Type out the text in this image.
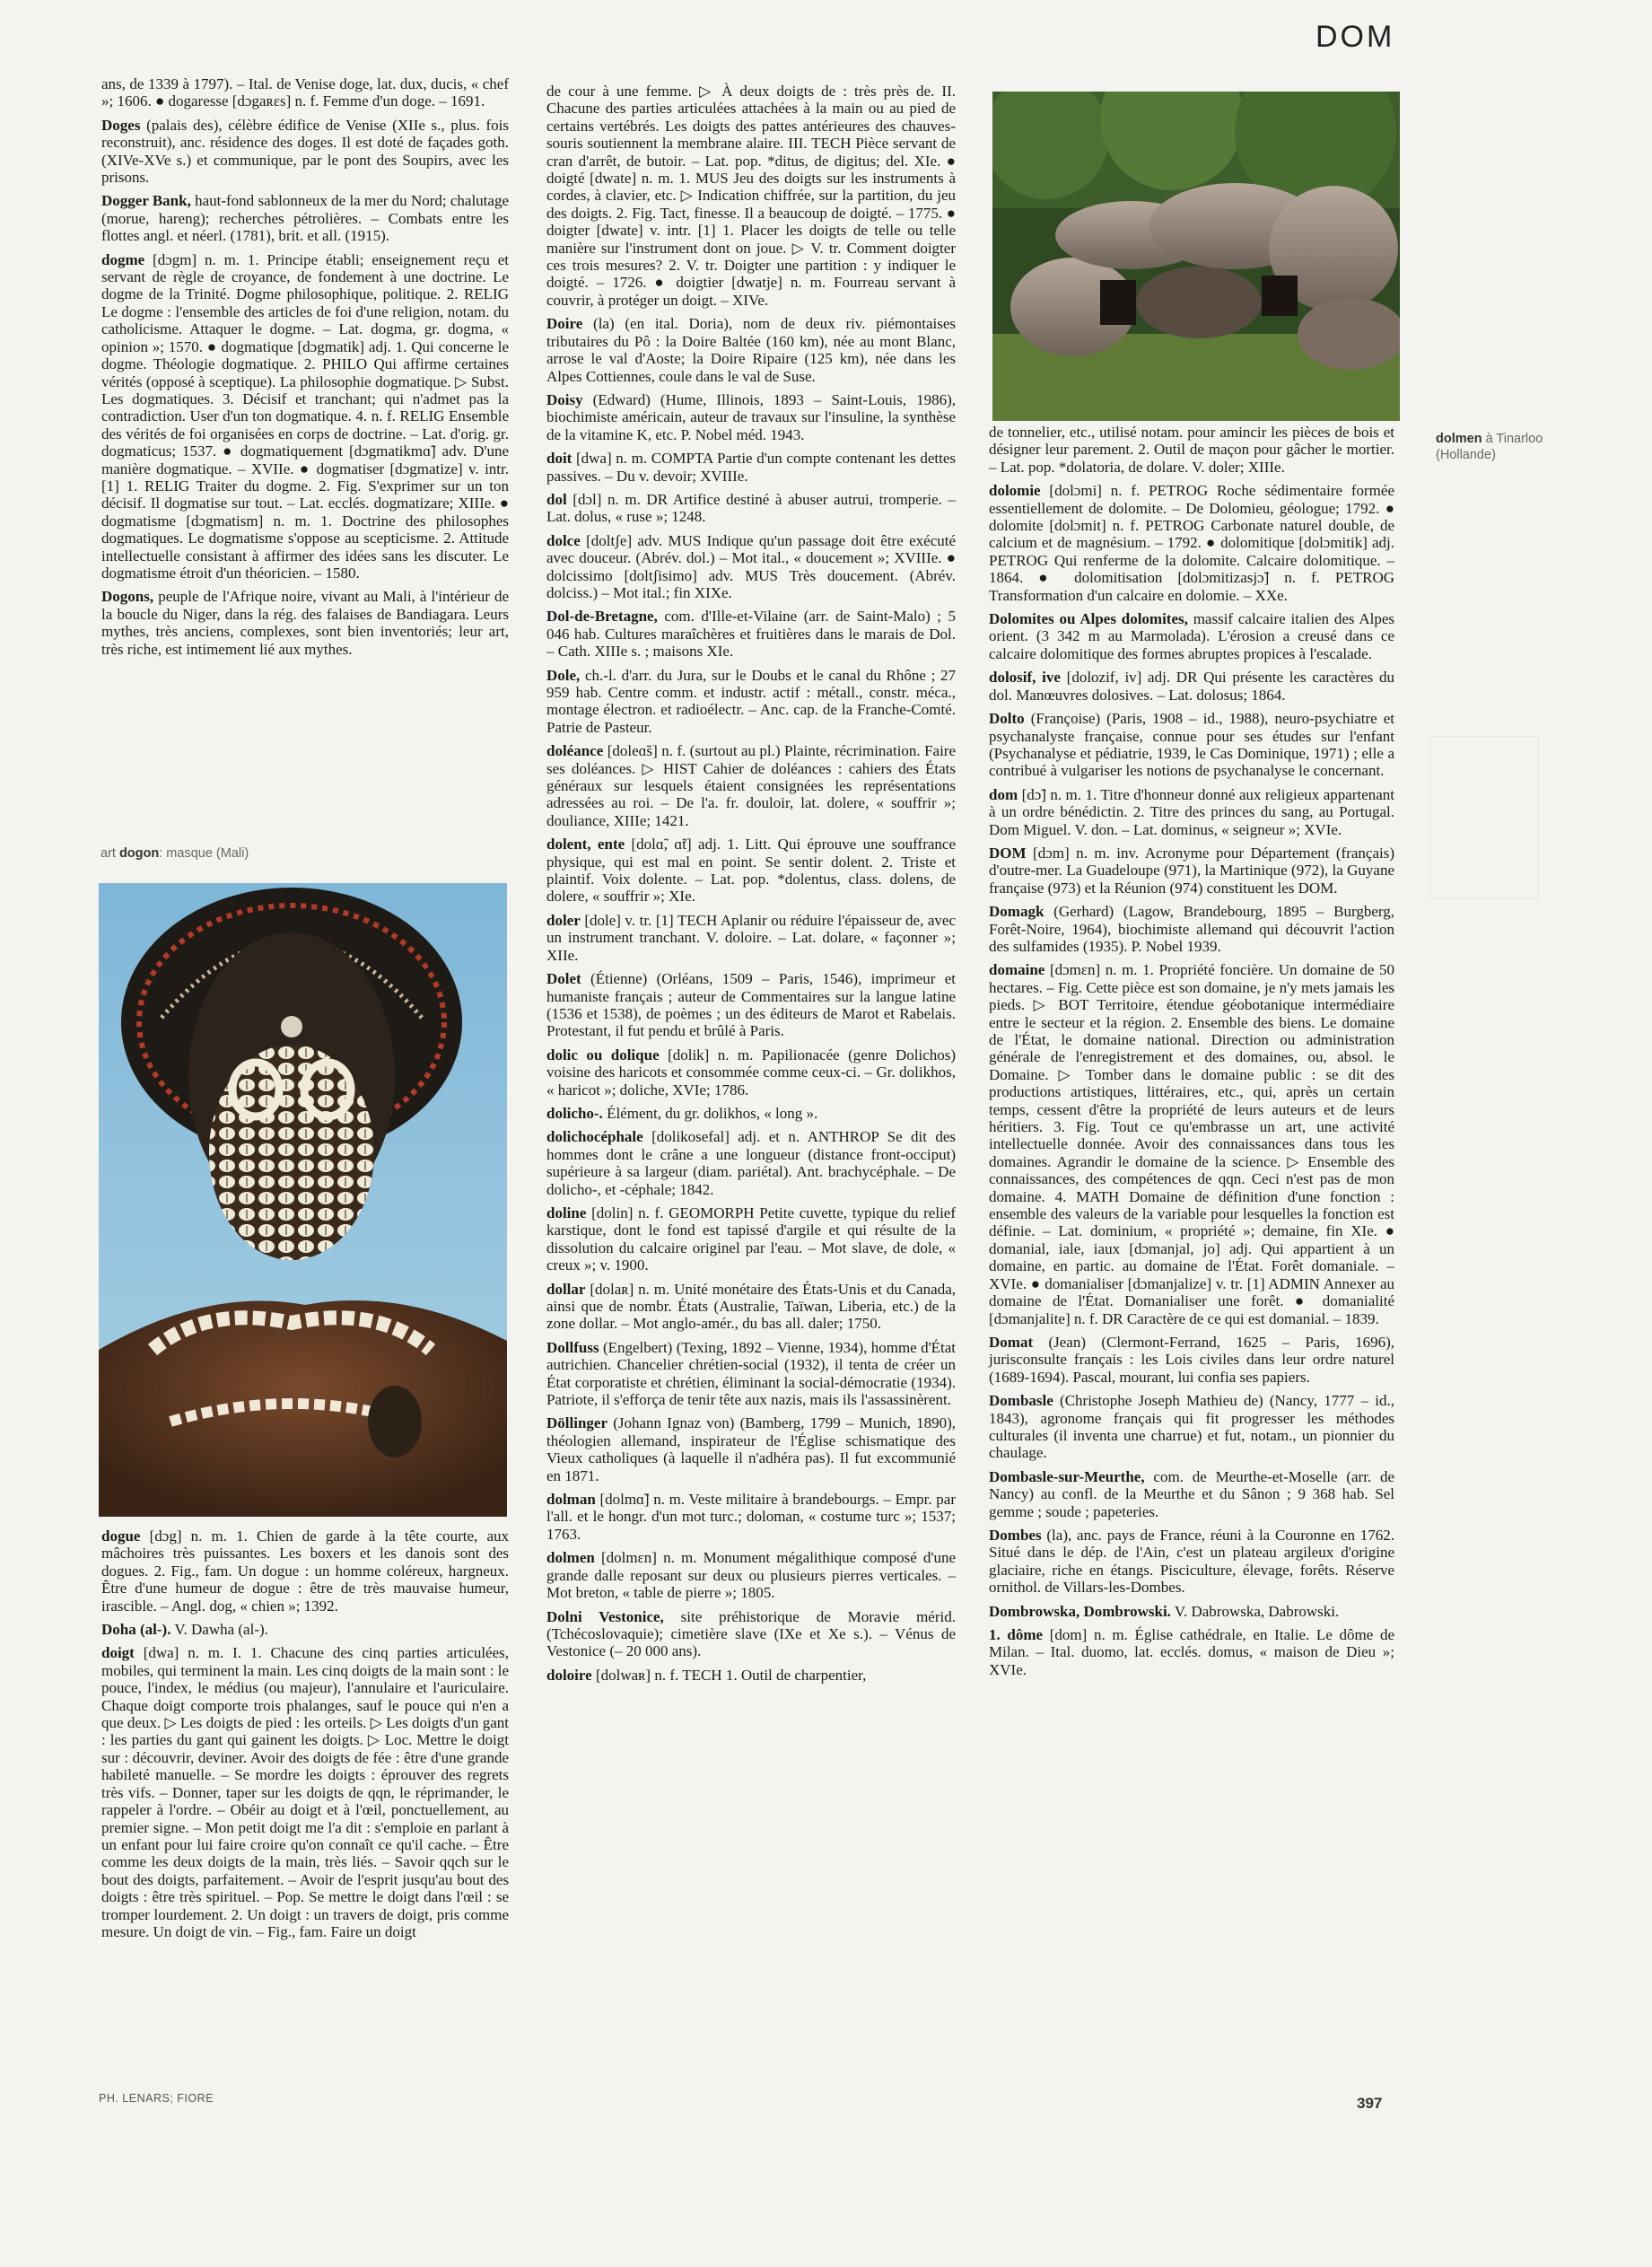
DOM

ans, de 1339 à 1797). – Ital. de Venise doge, lat. dux, ducis, « chef »; 1606. ● dogaresse [dɔgaʀɛs] n. f. Femme d'un doge. – 1691.

Doges (palais des), célèbre édifice de Venise (XIIe s., plus. fois reconstruit), anc. résidence des doges. Il est doté de façades goth. (XIVe-XVe s.) et communique, par le pont des Soupirs, avec les prisons.

Dogger Bank, haut-fond sablonneux de la mer du Nord; chalutage (morue, hareng); recherches pétrolières. – Combats entre les flottes angl. et néerl. (1781), brit. et all. (1915).

dogme [dɔgm] n. m. 1. Principe établi; enseignement reçu et servant de règle de croyance, de fondement à une doctrine. Le dogme de la Trinité. Dogme philosophique, politique. 2. RELIG Le dogme : l'ensemble des articles de foi d'une religion, notam. du catholicisme. Attaquer le dogme. – Lat. dogma, gr. dogma, « opinion »; 1570. ● dogmatique [dɔgmatik] adj. 1. Qui concerne le dogme. Théologie dogmatique. 2. PHILO Qui affirme certaines vérités (opposé à sceptique). La philosophie dogmatique. ▷ Subst. Les dogmatiques. 3. Décisif et tranchant; qui n'admet pas la contradiction. User d'un ton dogmatique. 4. n. f. RELIG Ensemble des vérités de foi organisées en corps de doctrine. – Lat. d'orig. gr. dogmaticus; 1537. ● dogmatiquement [dɔgmatikmɑ̃] adv. D'une manière dogmatique. – XVIIe. ● dogmatiser [dɔgmatize] v. intr. [1] 1. RELIG Traiter du dogme. 2. Fig. S'exprimer sur un ton décisif. Il dogmatise sur tout. – Lat. ecclés. dogmatizare; XIIIe. ● dogmatisme [dɔgmatism] n. m. 1. Doctrine des philosophes dogmatiques. Le dogmatisme s'oppose au scepticisme. 2. Attitude intellectuelle consistant à affirmer des idées sans les discuter. Le dogmatisme étroit d'un théoricien. – 1580.

Dogons, peuple de l'Afrique noire, vivant au Mali, à l'intérieur de la boucle du Niger, dans la rég. des falaises de Bandiagara. Leurs mythes, très anciens, complexes, sont bien inventoriés; leur art, très riche, est intimement lié aux mythes.

art dogon: masque (Mali)

dogue [dɔg] n. m. 1. Chien de garde à la tête courte, aux mâchoires très puissantes. Les boxers et les danois sont des dogues. 2. Fig., fam. Un dogue : un homme coléreux, hargneux. Être d'une humeur de dogue : être de très mauvaise humeur, irascible. – Angl. dog, « chien »; 1392.

Doha (al-). V. Dawha (al-).

doigt [dwa] n. m. I. 1. Chacune des cinq parties articulées, mobiles, qui terminent la main. Les cinq doigts de la main sont : le pouce, l'index, le médius (ou majeur), l'annulaire et l'auriculaire. Chaque doigt comporte trois phalanges, sauf le pouce qui n'en a que deux. ▷ Les doigts de pied : les orteils. ▷ Les doigts d'un gant : les parties du gant qui gainent les doigts. ▷ Loc. Mettre le doigt sur : découvrir, deviner. Avoir des doigts de fée : être d'une grande habileté manuelle. – Se mordre les doigts : éprouver des regrets très vifs. – Donner, taper sur les doigts de qqn, le réprimander, le rappeler à l'ordre. – Obéir au doigt et à l'œil, ponctuellement, au premier signe. – Mon petit doigt me l'a dit : s'emploie en parlant à un enfant pour lui faire croire qu'on connaît ce qu'il cache. – Être comme les deux doigts de la main, très liés. – Savoir qqch sur le bout des doigts, parfaitement. – Avoir de l'esprit jusqu'au bout des doigts : être très spirituel. – Pop. Se mettre le doigt dans l'œil : se tromper lourdement. 2. Un doigt : un travers de doigt, pris comme mesure. Un doigt de vin. – Fig., fam. Faire un doigt

de cour à une femme. ▷ À deux doigts de : très près de. II. Chacune des parties articulées attachées à la main ou au pied de certains vertébrés. Les doigts des pattes antérieures des chauves-souris soutiennent la membrane alaire. III. TECH Pièce servant de cran d'arrêt, de butoir. – Lat. pop. *ditus, de digitus; del. XIe. ● doigté [dwate] n. m. 1. MUS Jeu des doigts sur les instruments à cordes, à clavier, etc. ▷ Indication chiffrée, sur la partition, du jeu des doigts. 2. Fig. Tact, finesse. Il a beaucoup de doigté. – 1775. ● doigter [dwate] v. intr. [1] 1. Placer les doigts de telle ou telle manière sur l'instrument dont on joue. ▷ V. tr. Comment doigter ces trois mesures? 2. V. tr. Doigter une partition : y indiquer le doigté. – 1726. ● doigtier [dwatje] n. m. Fourreau servant à couvrir, à protéger un doigt. – XIVe.

Doire (la) (en ital. Doria), nom de deux riv. piémontaises tributaires du Pô : la Doire Baltée (160 km), née au mont Blanc, arrose le val d'Aoste; la Doire Ripaire (125 km), née dans les Alpes Cottiennes, coule dans le val de Suse.

Doisy (Edward) (Hume, Illinois, 1893 – Saint-Louis, 1986), biochimiste américain, auteur de travaux sur l'insuline, la synthèse de la vitamine K, etc. P. Nobel méd. 1943.

doit [dwa] n. m. COMPTA Partie d'un compte contenant les dettes passives. – Du v. devoir; XVIIIe.

dol [dɔl] n. m. DR Artifice destiné à abuser autrui, tromperie. – Lat. dolus, « ruse »; 1248.

dolce [doltʃe] adv. MUS Indique qu'un passage doit être exécuté avec douceur. (Abrév. dol.) – Mot ital., « doucement »; XVIIIe. ● dolcissimo [doltʃisimo] adv. MUS Très doucement. (Abrév. dolciss.) – Mot ital.; fin XIXe.

Dol-de-Bretagne, com. d'Ille-et-Vilaine (arr. de Saint-Malo) ; 5 046 hab. Cultures maraîchères et fruitières dans le marais de Dol. – Cath. XIIIe s. ; maisons XIe.

Dole, ch.-l. d'arr. du Jura, sur le Doubs et le canal du Rhône ; 27 959 hab. Centre comm. et industr. actif : métall., constr. méca., montage électron. et radioélectr. – Anc. cap. de la Franche-Comté. Patrie de Pasteur.

doléance [doleɑ̃s] n. f. (surtout au pl.) Plainte, récrimination. Faire ses doléances. ▷ HIST Cahier de doléances : cahiers des États généraux sur lesquels étaient consignées les représentations adressées au roi. – De l'a. fr. douloir, lat. dolere, « souffrir »; douliance, XIIIe; 1421.

dolent, ente [dolɑ̃, ɑ̃t] adj. 1. Litt. Qui éprouve une souffrance physique, qui est mal en point. Se sentir dolent. 2. Triste et plaintif. Voix dolente. – Lat. pop. *dolentus, class. dolens, de dolere, « souffrir »; XIe.

doler [dole] v. tr. [1] TECH Aplanir ou réduire l'épaisseur de, avec un instrument tranchant. V. doloire. – Lat. dolare, « façonner »; XIIe.

Dolet (Étienne) (Orléans, 1509 – Paris, 1546), imprimeur et humaniste français ; auteur de Commentaires sur la langue latine (1536 et 1538), de poèmes ; un des éditeurs de Marot et Rabelais. Protestant, il fut pendu et brûlé à Paris.

dolic ou dolique [dolik] n. m. Papilionacée (genre Dolichos) voisine des haricots et consommée comme ceux-ci. – Gr. dolikhos, « haricot »; doliche, XVIe; 1786.

dolicho-. Élément, du gr. dolikhos, « long ».

dolichocéphale [dolikosefal] adj. et n. ANTHROP Se dit des hommes dont le crâne a une longueur (distance front-occiput) supérieure à sa largeur (diam. pariétal). Ant. brachycéphale. – De dolicho-, et -céphale; 1842.

doline [dolin] n. f. GEOMORPH Petite cuvette, typique du relief karstique, dont le fond est tapissé d'argile et qui résulte de la dissolution du calcaire originel par l'eau. – Mot slave, de dole, « creux »; v. 1900.

dollar [dolaʀ] n. m. Unité monétaire des États-Unis et du Canada, ainsi que de nombr. États (Australie, Taïwan, Liberia, etc.) de la zone dollar. – Mot anglo-amér., du bas all. daler; 1750.

Dollfuss (Engelbert) (Texing, 1892 – Vienne, 1934), homme d'État autrichien. Chancelier chrétien-social (1932), il tenta de créer un État corporatiste et chrétien, éliminant la social-démocratie (1934). Patriote, il s'efforça de tenir tête aux nazis, mais ils l'assassinèrent.

Döllinger (Johann Ignaz von) (Bamberg, 1799 – Munich, 1890), théologien allemand, inspirateur de l'Église schismatique des Vieux catholiques (à laquelle il n'adhéra pas). Il fut excommunié en 1871.

dolman [dolmɑ̃] n. m. Veste militaire à brandebourgs. – Empr. par l'all. et le hongr. d'un mot turc.; doloman, « costume turc »; 1537; 1763.

dolmen [dolmɛn] n. m. Monument mégalithique composé d'une grande dalle reposant sur deux ou plusieurs pierres verticales. – Mot breton, « table de pierre »; 1805.

Dolni Vestonice, site préhistorique de Moravie mérid. (Tchécoslovaquie); cimetière slave (IXe et Xe s.). – Vénus de Vestonice (– 20 000 ans).

doloire [dolwaʀ] n. f. TECH 1. Outil de charpentier,

dolmen à Tinarloo (Hollande)

de tonnelier, etc., utilisé notam. pour amincir les pièces de bois et désigner leur parement. 2. Outil de maçon pour gâcher le mortier. – Lat. pop. *dolatoria, de dolare. V. doler; XIIIe.

dolomie [dolɔmi] n. f. PETROG Roche sédimentaire formée essentiellement de dolomite. – De Dolomieu, géologue; 1792. ● dolomite [dolɔmit] n. f. PETROG Carbonate naturel double, de calcium et de magnésium. – 1792. ● dolomitique [dolɔmitik] adj. PETROG Qui renferme de la dolomite. Calcaire dolomitique. – 1864. ● dolomitisation [dolɔmitizasjɔ̃] n. f. PETROG Transformation d'un calcaire en dolomie. – XXe.

Dolomites ou Alpes dolomites, massif calcaire italien des Alpes orient. (3 342 m au Marmolada). L'érosion a creusé dans ce calcaire dolomitique des formes abruptes propices à l'escalade.

dolosif, ive [dolozif, iv] adj. DR Qui présente les caractères du dol. Manœuvres dolosives. – Lat. dolosus; 1864.

Dolto (Françoise) (Paris, 1908 – id., 1988), neuro-psychiatre et psychanalyste française, connue pour ses études sur l'enfant (Psychanalyse et pédiatrie, 1939, le Cas Dominique, 1971) ; elle a contribué à vulgariser les notions de psychanalyse le concernant.

dom [dɔ̃] n. m. 1. Titre d'honneur donné aux religieux appartenant à un ordre bénédictin. 2. Titre des princes du sang, au Portugal. Dom Miguel. V. don. – Lat. dominus, « seigneur »; XVIe.

DOM [dɔm] n. m. inv. Acronyme pour Département (français) d'outre-mer. La Guadeloupe (971), la Martinique (972), la Guyane française (973) et la Réunion (974) constituent les DOM.

Domagk (Gerhard) (Lagow, Brandebourg, 1895 – Burgberg, Forêt-Noire, 1964), biochimiste allemand qui découvrit l'action des sulfamides (1935). P. Nobel 1939.

domaine [dɔmɛn] n. m. 1. Propriété foncière. Un domaine de 50 hectares. – Fig. Cette pièce est son domaine, je n'y mets jamais les pieds. ▷ BOT Territoire, étendue géobotanique intermédiaire entre le secteur et la région. 2. Ensemble des biens. Le domaine de l'État, le domaine national. Direction ou administration générale de l'enregistrement et des domaines, ou, absol. le Domaine. ▷ Tomber dans le domaine public : se dit des productions artistiques, littéraires, etc., qui, après un certain temps, cessent d'être la propriété de leurs auteurs et de leurs héritiers. 3. Fig. Tout ce qu'embrasse un art, une activité intellectuelle donnée. Avoir des connaissances dans tous les domaines. Agrandir le domaine de la science. ▷ Ensemble des connaissances, des compétences de qqn. Ceci n'est pas de mon domaine. 4. MATH Domaine de définition d'une fonction : ensemble des valeurs de la variable pour lesquelles la fonction est définie. – Lat. dominium, « propriété »; demaine, fin XIe. ● domanial, iale, iaux [dɔmanjal, jo] adj. Qui appartient à un domaine, en partic. au domaine de l'État. Forêt domaniale. – XVIe. ● domanialiser [dɔmanjalize] v. tr. [1] ADMIN Annexer au domaine de l'État. Domanialiser une forêt. ● domanialité [dɔmanjalite] n. f. DR Caractère de ce qui est domanial. – 1839.

Domat (Jean) (Clermont-Ferrand, 1625 – Paris, 1696), jurisconsulte français : les Lois civiles dans leur ordre naturel (1689-1694). Pascal, mourant, lui confia ses papiers.

Dombasle (Christophe Joseph Mathieu de) (Nancy, 1777 – id., 1843), agronome français qui fit progresser les méthodes culturales (il inventa une charrue) et fut, notam., un pionnier du chaulage.

Dombasle-sur-Meurthe, com. de Meurthe-et-Moselle (arr. de Nancy) au confl. de la Meurthe et du Sânon ; 9 368 hab. Sel gemme ; soude ; papeteries.

Dombes (la), anc. pays de France, réuni à la Couronne en 1762. Situé dans le dép. de l'Ain, c'est un plateau argileux d'origine glaciaire, riche en étangs. Pisciculture, élevage, forêts. Réserve ornithol. de Villars-les-Dombes.

Dombrowska, Dombrowski. V. Dabrowska, Dabrowski.

1. dôme [dom] n. m. Église cathédrale, en Italie. Le dôme de Milan. – Ital. duomo, lat. ecclés. domus, « maison de Dieu »; XVIe.

PH. LENARS; FIORE	397
